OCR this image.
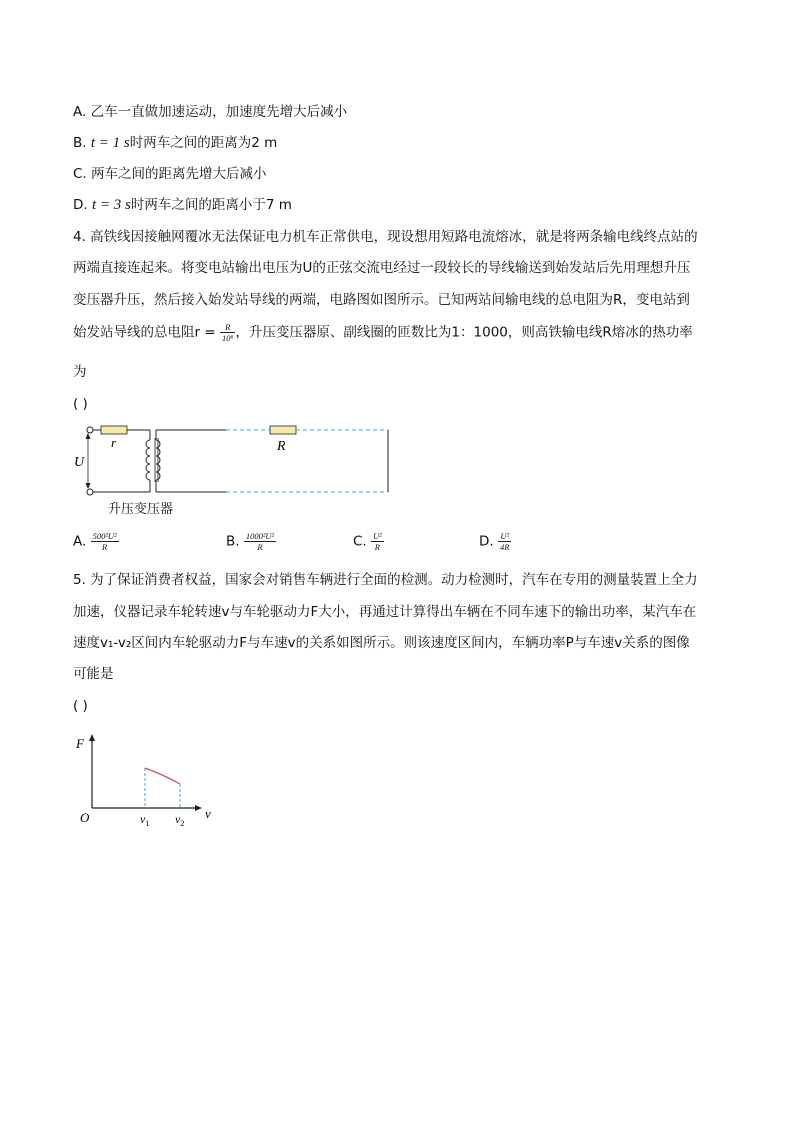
A. 乙车一直做加速运动，加速度先增大后减小
B. t = 1 s时两车之间的距离为2 m
C. 两车之间的距离先增大后减小
D. t = 3 s时两车之间的距离小于7 m
4. 高铁线因接触网覆冰无法保证电力机车正常供电，现设想用短路电流熔冰，就是将两条输电线终点站的
两端直接连起来。将变电站输出电压为U的正弦交流电经过一段较长的导线输送到始发站后先用理想升压
变压器升压，然后接入始发站导线的两端，电路图如图所示。已知两站间输电线的总电阻为R，变电站到
始发站导线的总电阻$r = \frac{R}{\text{10⁶}}$ ，升压变压器原、副线圈的匝数比为1：1000，则高铁输电线R熔冰的热功率
为
( )
U
r	R
升压变压器
A. $\frac{\text{500²U²}}{R}$	B. $\frac{\text{1000²U²}}{R}$	C. $\frac{\text{U²}}{R}$	D. $\frac{\text{U²}}{4R}$
5. 为了保证消费者权益，国家会对销售车辆进行全面的检测。动力检测时，汽车在专用的测量装置上全力
加速，仪器记录车轮转速v与车轮驱动力F大小，再通过计算得出车辆在不同车速下的输出功率，某汽车在
速度v₁-v₂区间内车轮驱动力F与车速v的关系如图所示。则该速度区间内，车辆功率P与车速v关系的图像
可能是
( )
F
v
O	$v_1$ $v_2$
